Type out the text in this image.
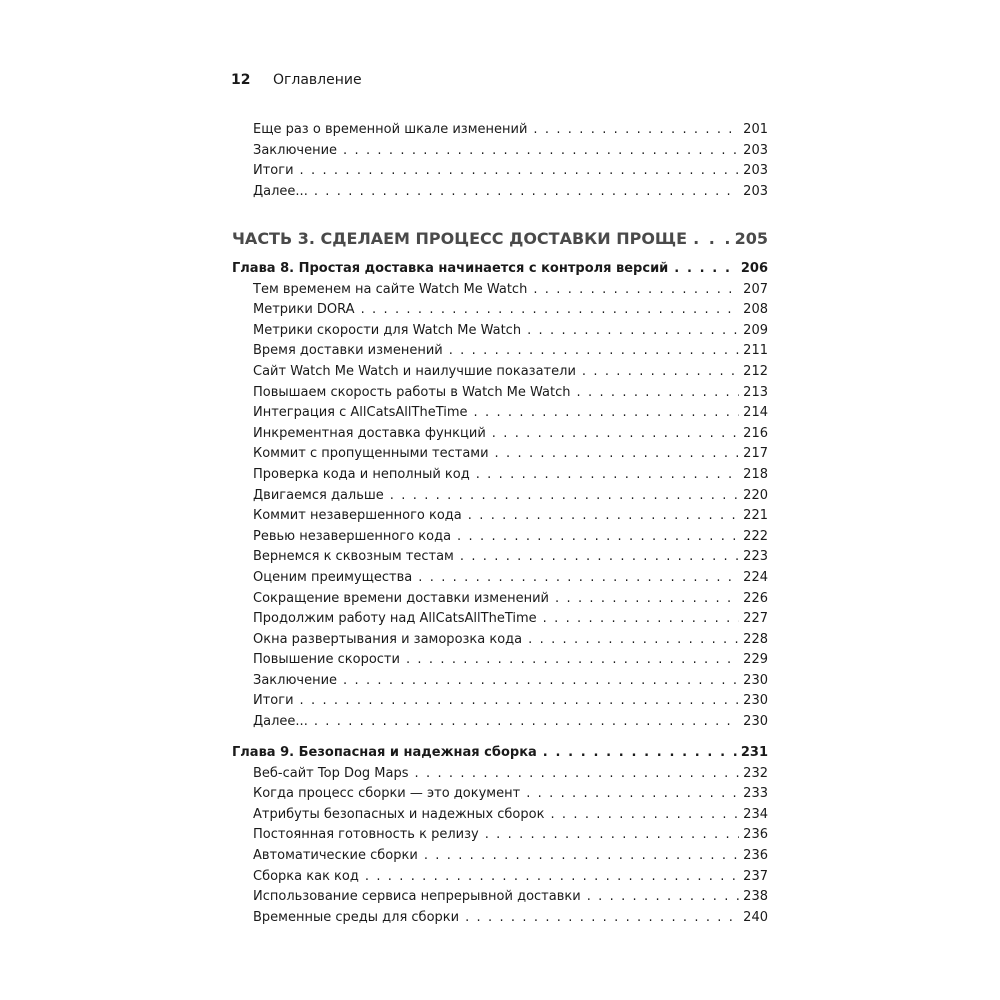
12 Оглавление
Еще раз о временной шкале изменений . . .	201
Заключение . . .	203
Итоги . . .	203
Далее... . . .	203
ЧАСТЬ 3. СДЕЛАЕМ ПРОЦЕСС ДОСТАВКИ ПРОЩЕ . . .	205
Глава 8. Простая доставка начинается с контроля версий . . .	206
Тем временем на сайте Watch Me Watch . . .	207
Метрики DORA . . .	208
Метрики скорости для Watch Me Watch . . .	209
Время доставки изменений . . .	211
Сайт Watch Me Watch и наилучшие показатели . . .	212
Повышаем скорость работы в Watch Me Watch . . .	213
Интеграция с AllCatsAllTheTime . . .	214
Инкрементная доставка функций . . .	216
Коммит с пропущенными тестами . . .	217
Проверка кода и неполный код . . .	218
Двигаемся дальше . . .	220
Коммит незавершенного кода . . .	221
Ревью незавершенного кода . . .	222
Вернемся к сквозным тестам . . .	223
Оценим преимущества . . .	224
Сокращение времени доставки изменений . . .	226
Продолжим работу над AllCatsAllTheTime . . .	227
Окна развертывания и заморозка кода . . .	228
Повышение скорости . . .	229
Заключение . . .	230
Итоги . . .	230
Далее... . . .	230
Глава 9. Безопасная и надежная сборка . . .	231
Веб-сайт Top Dog Maps . . .	232
Когда процесс сборки — это документ . . .	233
Атрибуты безопасных и надежных сборок . . .	234
Постоянная готовность к релизу . . .	236
Автоматические сборки . . .	236
Сборка как код . . .	237
Использование сервиса непрерывной доставки . . .	238
Временные среды для сборки . . .	240
